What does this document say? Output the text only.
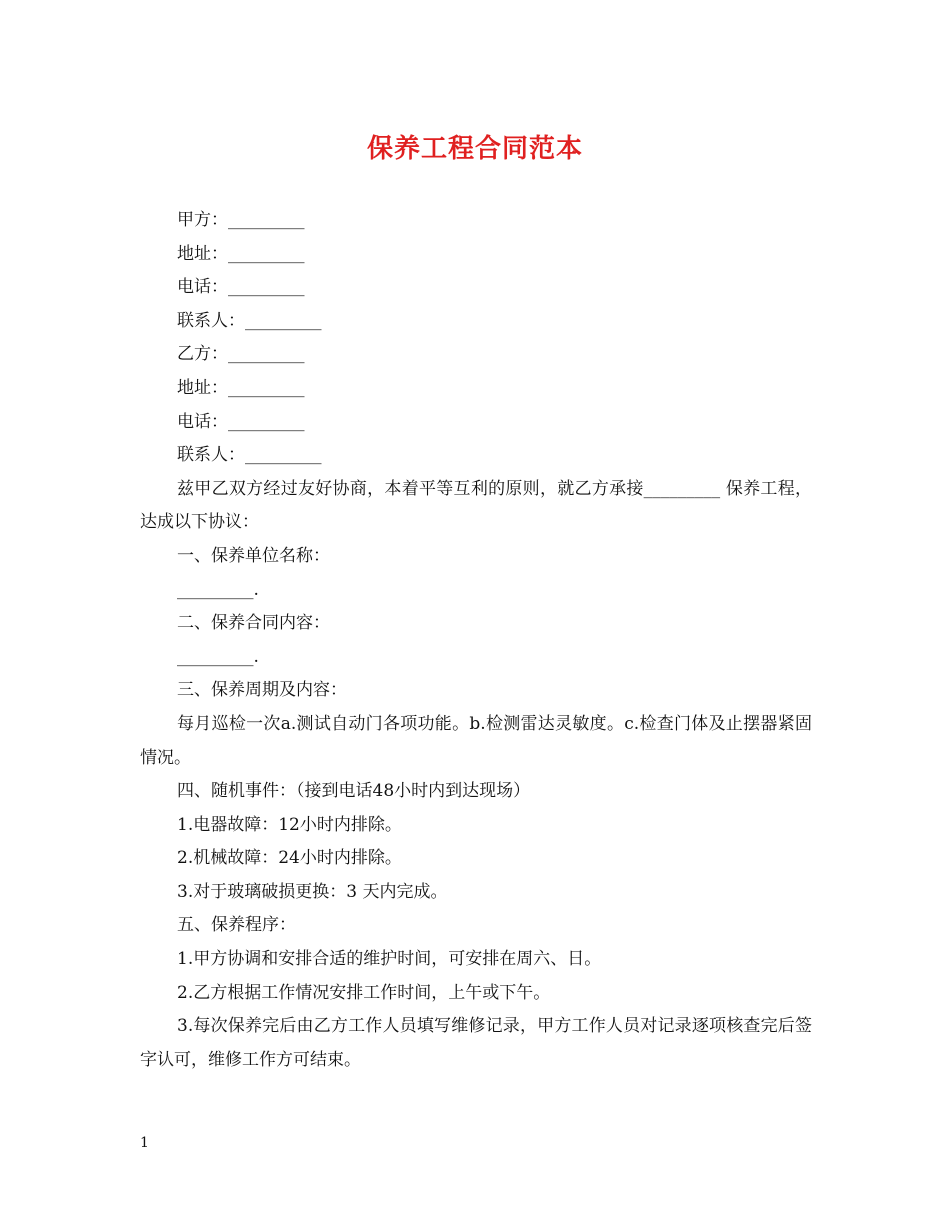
保养工程合同范本

甲方：_________

地址：_________

电话：_________

联系人：_________

乙方：_________

地址：_________

电话：_________

联系人：_________

兹甲乙双方经过友好协商，本着平等互利的原则，就乙方承接_________ 保养工程，达成以下协议：

一、保养单位名称：

_________.

二、保养合同内容：

_________.

三、保养周期及内容：

每月巡检一次a.测试自动门各项功能。b.检测雷达灵敏度。c.检查门体及止摆器紧固情况。

四、随机事件：（接到电话48小时内到达现场）

1.电器故障：12小时内排除。

2.机械故障：24小时内排除。

3.对于玻璃破损更换：3 天内完成。

五、保养程序：

1.甲方协调和安排合适的维护时间，可安排在周六、日。

2.乙方根据工作情况安排工作时间，上午或下午。

3.每次保养完后由乙方工作人员填写维修记录，甲方工作人员对记录逐项核查完后签字认可，维修工作方可结束。

1
